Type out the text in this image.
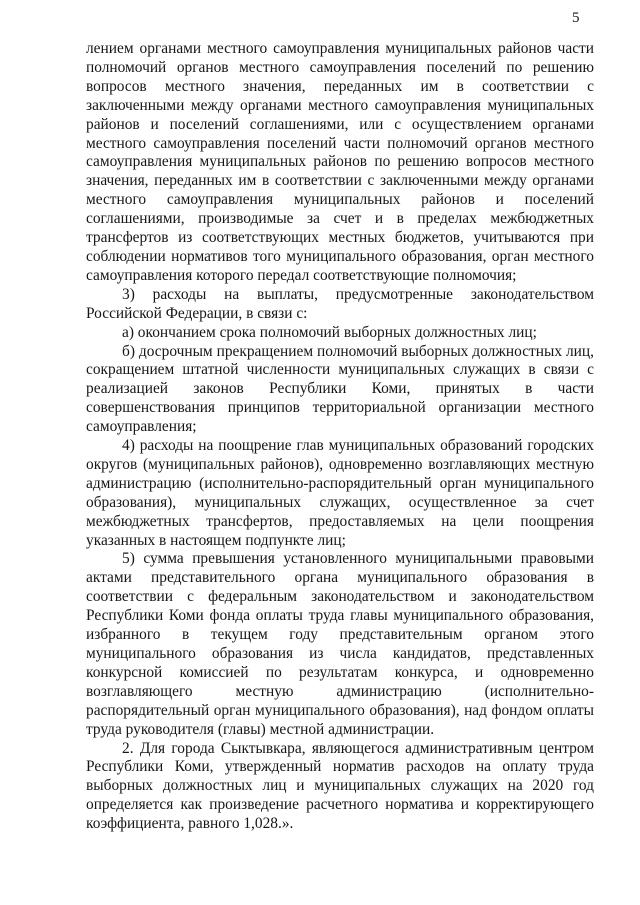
5

лением органами местного самоуправления муниципальных районов части полномочий органов местного самоуправления поселений по решению вопросов местного значения, переданных им в соответствии с заключенными между органами местного самоуправления муниципальных районов и поселений соглашениями, или с осуществлением органами местного самоуправления поселений части полномочий органов местного самоуправления муниципальных районов по решению вопросов местного значения, переданных им в соответствии с заключенными между органами местного самоуправления муниципальных районов и поселений соглашениями, производимые за счет и в пределах межбюджетных трансфертов из соответствующих местных бюджетов, учитываются при соблюдении нормативов того муниципального образования, орган местного самоуправления которого передал соответствующие полномочия;

3) расходы на выплаты, предусмотренные законодательством Российской Федерации, в связи с:

а) окончанием срока полномочий выборных должностных лиц;

б) досрочным прекращением полномочий выборных должностных лиц, сокращением штатной численности муниципальных служащих в связи с реализацией законов Республики Коми, принятых в части совершенствования принципов территориальной организации местного самоуправления;

4) расходы на поощрение глав муниципальных образований городских округов (муниципальных районов), одновременно возглавляющих местную администрацию (исполнительно-распорядительный орган муниципального образования), муниципальных служащих, осуществленное за счет межбюджетных трансфертов, предоставляемых на цели поощрения указанных в настоящем подпункте лиц;

5) сумма превышения установленного муниципальными правовыми актами представительного органа муниципального образования в соответствии с федеральным законодательством и законодательством Республики Коми фонда оплаты труда главы муниципального образования, избранного в текущем году представительным органом этого муниципального образования из числа кандидатов, представленных конкурсной комиссией по результатам конкурса, и одновременно возглавляющего местную администрацию (исполнительно-распорядительный орган муниципального образования), над фондом оплаты труда руководителя (главы) местной администрации.

2. Для города Сыктывкара, являющегося административным центром Республики Коми, утвержденный норматив расходов на оплату труда выборных должностных лиц и муниципальных служащих на 2020 год определяется как произведение расчетного норматива и корректирующего коэффициента, равного 1,028.».
